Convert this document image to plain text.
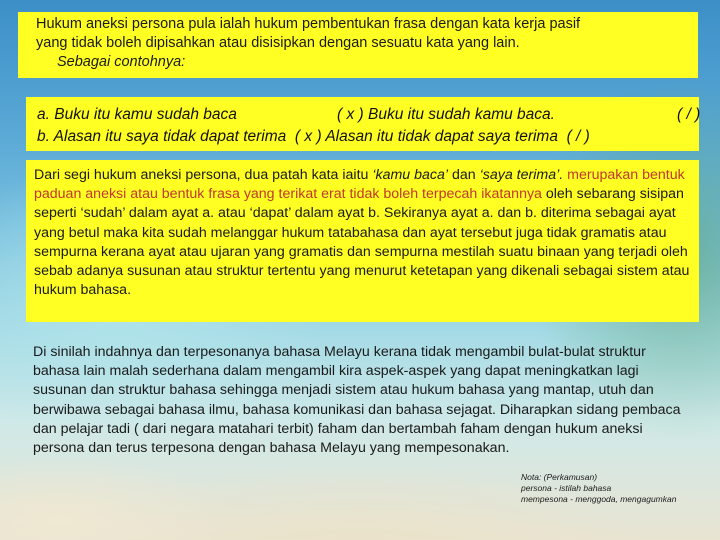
Hukum aneksi persona pula ialah hukum pembentukan frasa dengan kata kerja pasif
yang tidak boleh dipisahkan atau disisipkan dengan sesuatu kata yang lain.

Sebagai contohnya:
a. Buku itu kamu sudah baca	( x ) Buku itu sudah kamu baca.	( / )
b. Alasan itu saya tidak dapat terima ( x ) Alasan itu tidak dapat saya terima ( / )
Dari segi hukum aneksi persona, dua patah kata iaitu ‘kamu baca’ dan ‘saya terima’. merupakan bentuk paduan aneksi atau bentuk frasa yang terikat erat tidak boleh terpecah ikatannya oleh sebarang sisipan seperti ‘sudah’ dalam ayat a. atau ‘dapat’ dalam ayat b. Sekiranya ayat a. dan b. diterima sebagai ayat yang betul maka kita sudah melanggar hukum tatabahasa dan ayat tersebut juga tidak gramatis atau sempurna kerana ayat atau ujaran yang gramatis dan sempurna mestilah suatu binaan yang terjadi oleh sebab adanya susunan atau struktur tertentu yang menurut ketetapan yang dikenali sebagai sistem atau hukum bahasa.
Di sinilah indahnya dan terpesonanya bahasa Melayu kerana tidak mengambil bulat-bulat struktur bahasa lain malah sederhana dalam mengambil kira aspek-aspek yang dapat meningkatkan lagi susunan dan struktur bahasa sehingga menjadi sistem atau hukum bahasa yang mantap, utuh dan berwibawa sebagai bahasa ilmu, bahasa komunikasi dan bahasa sejagat. Diharapkan sidang pembaca dan pelajar tadi ( dari negara matahari terbit) faham dan bertambah faham dengan hukum aneksi persona dan terus terpesona dengan bahasa Melayu yang mempesonakan.
Nota: (Perkamusan)
persona - istilah bahasa
mempesona - menggoda, mengagumkan
